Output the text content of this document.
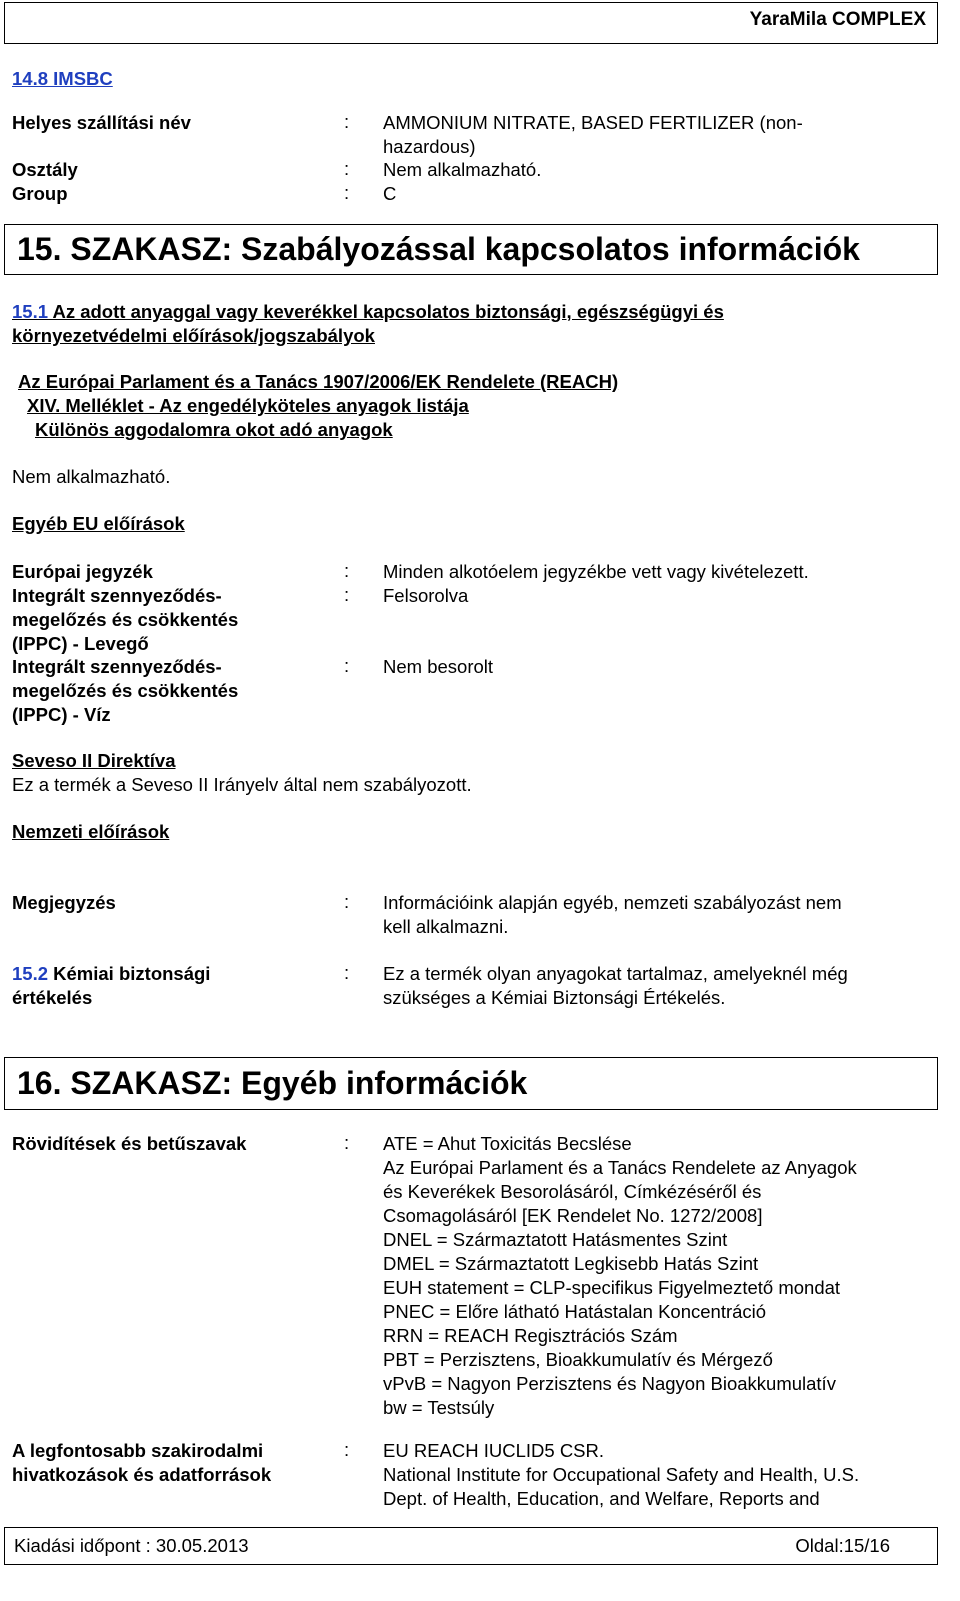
YaraMila COMPLEX
14.8 IMSBC
Helyes szállítási név	: AMMONIUM NITRATE, BASED FERTILIZER (non-
hazardous)
Osztály	: Nem alkalmazható.
Group	: C
15. SZAKASZ: Szabályozással kapcsolatos információk
15.1 Az adott anyaggal vagy keverékkel kapcsolatos biztonsági, egészségügyi és
környezetvédelmi előírások/jogszabályok
Az Európai Parlament és a Tanács 1907/2006/EK Rendelete (REACH)
XIV. Melléklet - Az engedélyköteles anyagok listája
Különös aggodalomra okot adó anyagok
Nem alkalmazható.
Egyéb EU előírások
Európai jegyzék	: Minden alkotóelem jegyzékbe vett vagy kivételezett.
Integrált szennyeződés-
megelőzés és csökkentés
(IPPC) - Levegő
: Felsorolva
Integrált szennyeződés-
megelőzés és csökkentés
(IPPC) - Víz
: Nem besorolt
Seveso II Direktíva
Ez a termék a Seveso II Irányelv által nem szabályozott.
Nemzeti előírások
Megjegyzés	: Információink alapján egyéb, nemzeti szabályozást nem
kell alkalmazni.
15.2 Kémiai biztonsági
értékelés
: Ez a termék olyan anyagokat tartalmaz, amelyeknél még
szükséges a Kémiai Biztonsági Értékelés.
16. SZAKASZ: Egyéb információk
Rövidítések és betűszavak	: ATE = Ahut Toxicitás Becslése
Az Európai Parlament és a Tanács Rendelete az Anyagok
és Keverékek Besorolásáról, Címkézéséről és
Csomagolásáról [EK Rendelet No. 1272/2008]
DNEL = Származtatott Hatásmentes Szint
DMEL = Származtatott Legkisebb Hatás Szint
EUH statement = CLP-specifikus Figyelmeztető mondat
PNEC = Előre látható Hatástalan Koncentráció
RRN = REACH Regisztrációs Szám
PBT = Perzisztens, Bioakkumulatív és Mérgező
vPvB = Nagyon Perzisztens és Nagyon Bioakkumulatív
bw = Testsúly
A legfontosabb szakirodalmi
hivatkozások és adatforrások
: EU REACH IUCLID5 CSR.
National Institute for Occupational Safety and Health, U.S.
Dept. of Health, Education, and Welfare, Reports and
Kiadási időpont : 30.05.2013	Oldal:15/16
